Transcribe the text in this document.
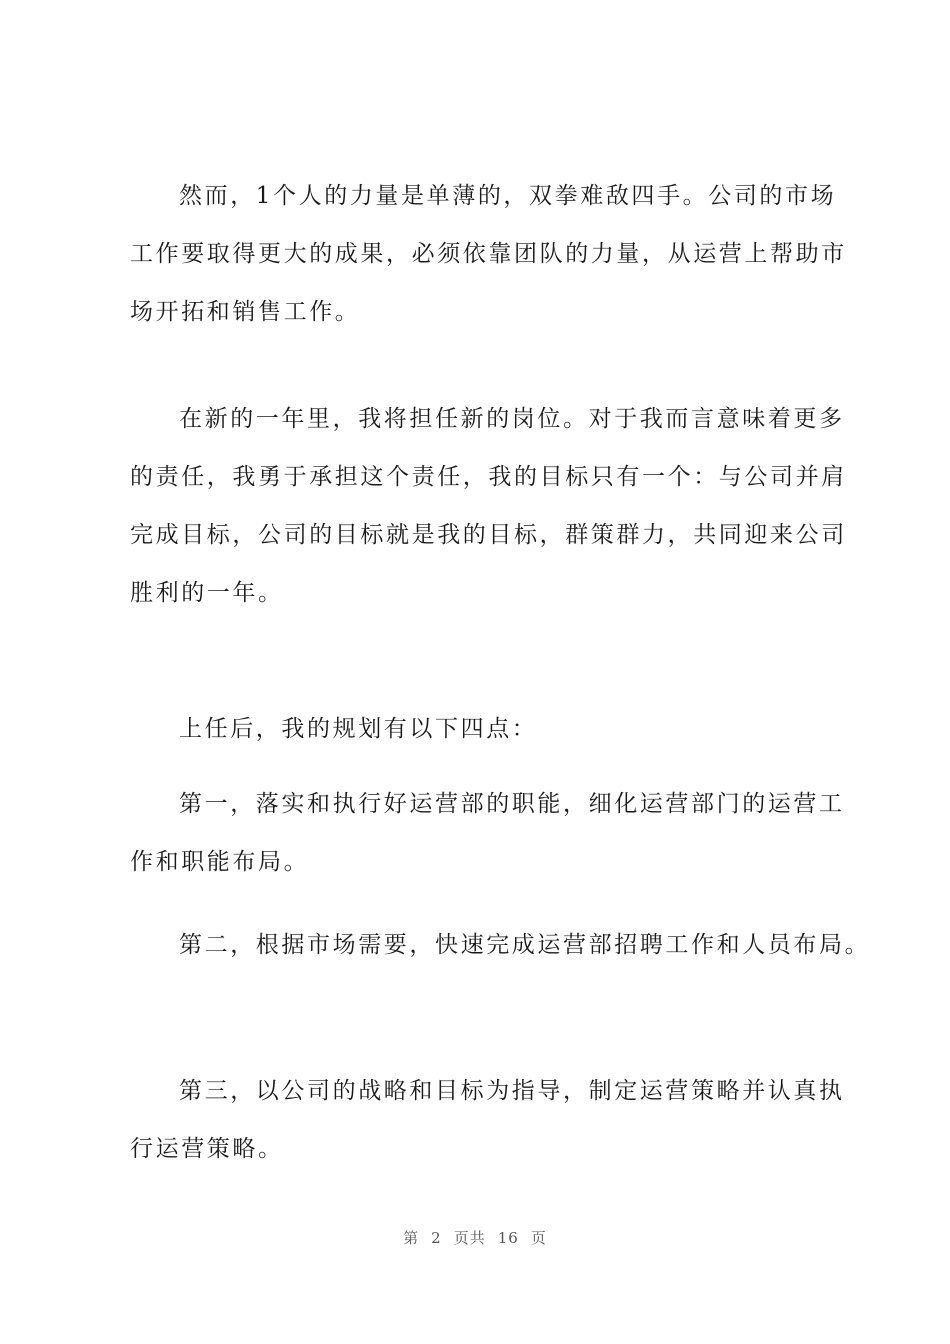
然而，1个人的力量是单薄的，双拳难敌四手。公司的市场
工作要取得更大的成果，必须依靠团队的力量，从运营上帮助市
场开拓和销售工作。
在新的一年里，我将担任新的岗位。对于我而言意味着更多
的责任，我勇于承担这个责任，我的目标只有一个：与公司并肩
完成目标，公司的目标就是我的目标，群策群力，共同迎来公司
胜利的一年。
上任后，我的规划有以下四点：
第一，落实和执行好运营部的职能，细化运营部门的运营工
作和职能布局。
第二，根据市场需要，快速完成运营部招聘工作和人员布局。
第三，以公司的战略和目标为指导，制定运营策略并认真执
行运营策略。
第 2 页共 16 页
